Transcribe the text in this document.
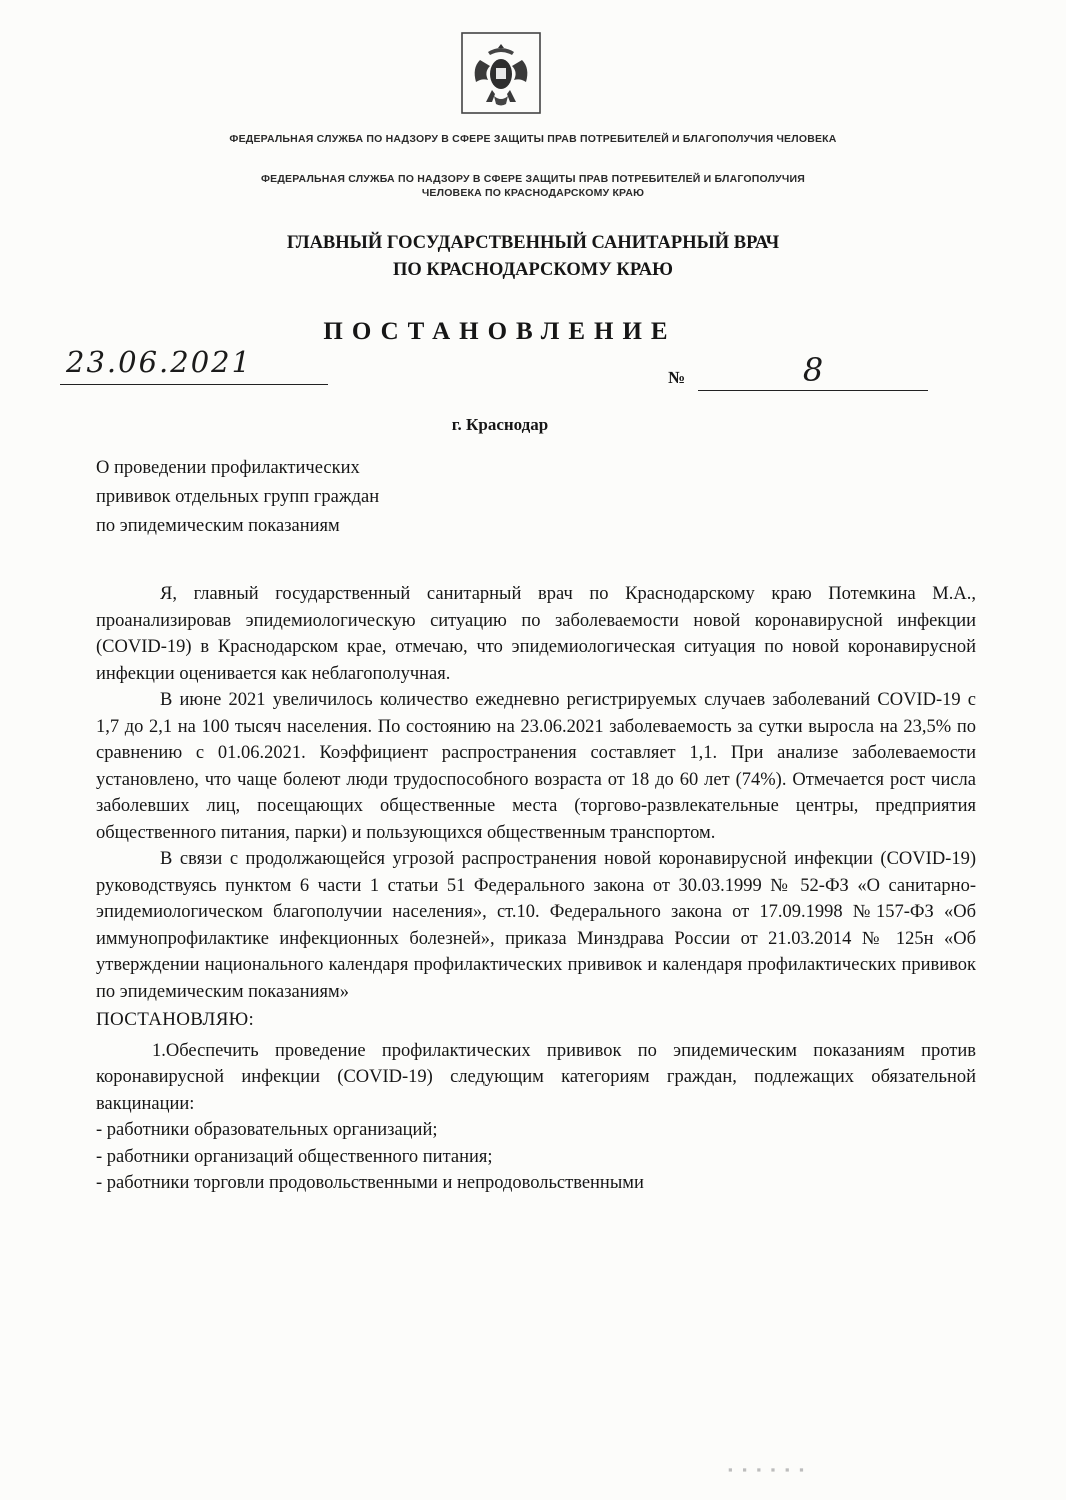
ФЕДЕРАЛЬНАЯ СЛУЖБА ПО НАДЗОРУ В СФЕРЕ ЗАЩИТЫ ПРАВ ПОТРЕБИТЕЛЕЙ И БЛАГОПОЛУЧИЯ ЧЕЛОВЕКА
ФЕДЕРАЛЬНАЯ СЛУЖБА ПО НАДЗОРУ В СФЕРЕ ЗАЩИТЫ ПРАВ ПОТРЕБИТЕЛЕЙ И БЛАГОПОЛУЧИЯ
ЧЕЛОВЕКА ПО КРАСНОДАРСКОМУ КРАЮ
ГЛАВНЫЙ ГОСУДАРСТВЕННЫЙ САНИТАРНЫЙ ВРАЧ
ПО КРАСНОДАРСКОМУ КРАЮ
ПОСТАНОВЛЕНИЕ
23.06.2021	№	8
г. Краснодар
О проведении профилактических
прививок отдельных групп граждан
по эпидемическим показаниям

Я, главный государственный санитарный врач по Краснодарскому краю Потемкина М.А., проанализировав эпидемиологическую ситуацию по заболеваемости новой коронавирусной инфекции (COVID-19) в Краснодарском крае, отмечаю, что эпидемиологическая ситуация по новой коронавирусной инфекции оценивается как неблагополучная.

В июне 2021 увеличилось количество ежедневно регистрируемых случаев заболеваний COVID-19 с 1,7 до 2,1 на 100 тысяч населения. По состоянию на 23.06.2021 заболеваемость за сутки выросла на 23,5% по сравнению с 01.06.2021. Коэффициент распространения составляет 1,1. При анализе заболеваемости установлено, что чаще болеют люди трудоспособного возраста от 18 до 60 лет (74%). Отмечается рост числа заболевших лиц, посещающих общественные места (торгово-развлекательные центры, предприятия общественного питания, парки) и пользующихся общественным транспортом.

В связи с продолжающейся угрозой распространения новой коронавирусной инфекции (COVID-19) руководствуясь пунктом 6 части 1 статьи 51 Федерального закона от 30.03.1999 № 52-ФЗ «О санитарно-эпидемиологическом благополучии населения», ст.10. Федерального закона от 17.09.1998 №157-ФЗ «Об иммунопрофилактике инфекционных болезней», приказа Минздрава России от 21.03.2014 № 125н «Об утверждении национального календаря профилактических прививок и календаря профилактических прививок по эпидемическим показаниям»

ПОСТАНОВЛЯЮ:

1.Обеспечить проведение профилактических прививок по эпидемическим показаниям против коронавирусной инфекции (COVID-19) следующим категориям граждан, подлежащих обязательной вакцинации:

- работники образовательных организаций;

- работники организаций общественного питания;

- работники торговли продовольственными и непродовольственными

▪ ▪ ▪ ▪ ▪ ▪
